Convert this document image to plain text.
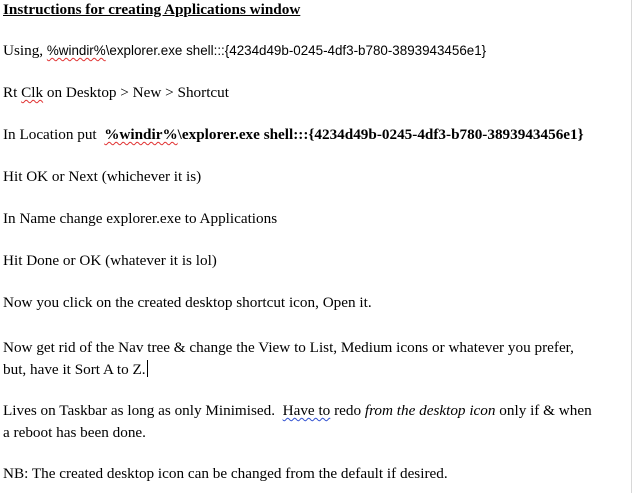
Instructions for creating Applications window
Using, %windir%\explorer.exe shell:::{4234d49b-0245-4df3-b780-3893943456e1}
Rt Clk on Desktop > New > Shortcut
In Location put  %windir%\explorer.exe shell:::{4234d49b-0245-4df3-b780-3893943456e1}
Hit OK or Next (whichever it is)
In Name change explorer.exe to Applications
Hit Done or OK (whatever it is lol)
Now you click on the created desktop shortcut icon, Open it.
Now get rid of the Nav tree & change the View to List, Medium icons or whatever you prefer,
but, have it Sort A to Z.
Lives on Taskbar as long as only Minimised.  Have to redo from the desktop icon only if & when
a reboot has been done.
NB: The created desktop icon can be changed from the default if desired.
